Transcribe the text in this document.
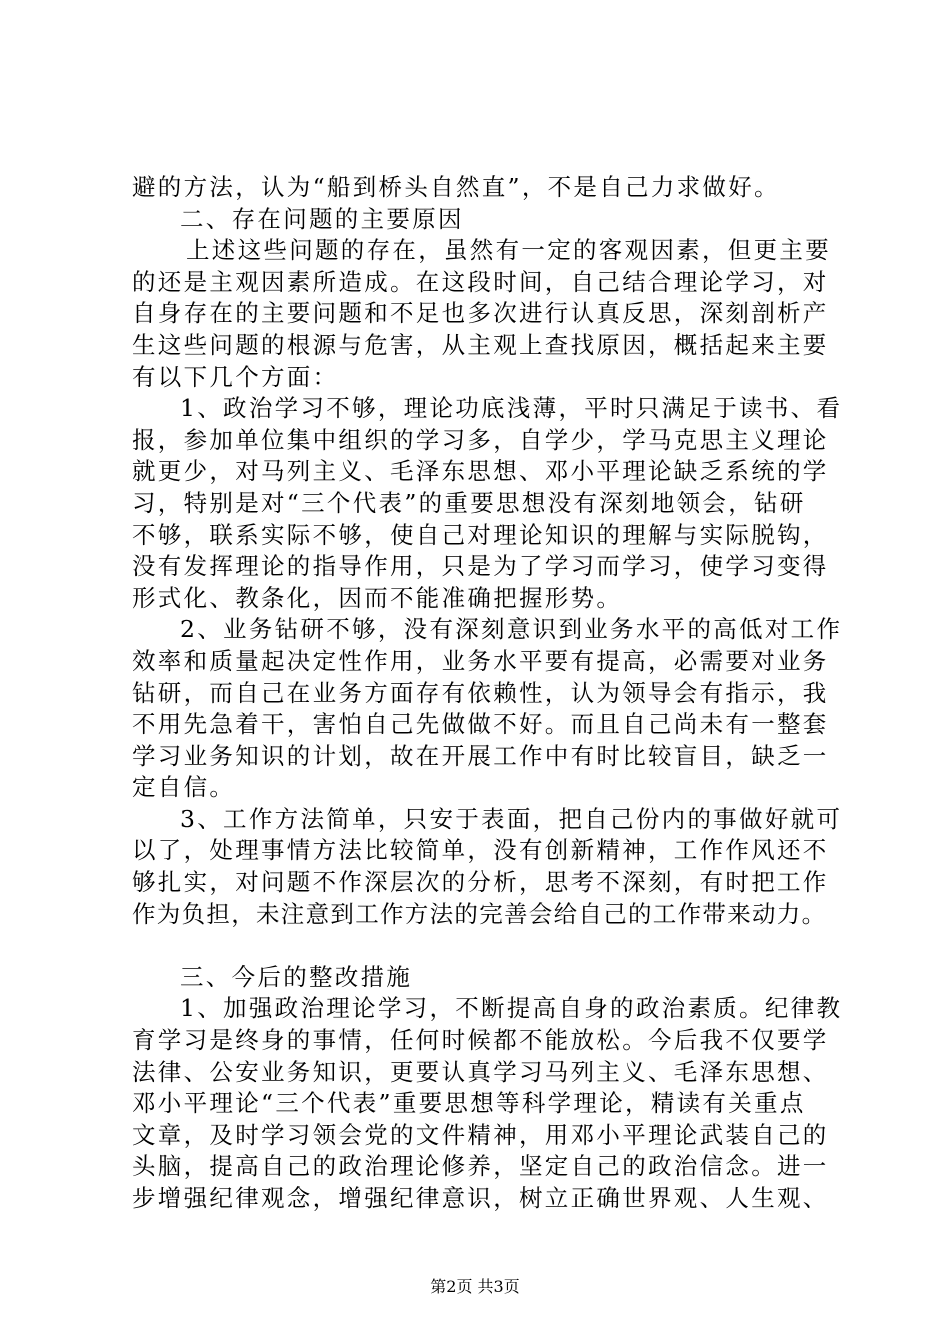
避的方法，认为“船到桥头自然直”，不是自己力求做好。
二、存在问题的主要原因
上述这些问题的存在，虽然有一定的客观因素，但更主要
的还是主观因素所造成。在这段时间，自己结合理论学习，对
自身存在的主要问题和不足也多次进行认真反思，深刻剖析产
生这些问题的根源与危害，从主观上查找原因，概括起来主要
有以下几个方面：
1、政治学习不够，理论功底浅薄，平时只满足于读书、看
报，参加单位集中组织的学习多，自学少，学马克思主义理论
就更少，对马列主义、毛泽东思想、邓小平理论缺乏系统的学
习，特别是对“三个代表”的重要思想没有深刻地领会，钻研
不够，联系实际不够，使自己对理论知识的理解与实际脱钩，
没有发挥理论的指导作用，只是为了学习而学习，使学习变得
形式化、教条化，因而不能准确把握形势。
2、业务钻研不够，没有深刻意识到业务水平的高低对工作
效率和质量起决定性作用，业务水平要有提高，必需要对业务
钻研，而自己在业务方面存有依赖性，认为领导会有指示，我
不用先急着干，害怕自己先做做不好。而且自己尚未有一整套
学习业务知识的计划，故在开展工作中有时比较盲目，缺乏一
定自信。
3、工作方法简单，只安于表面，把自己份内的事做好就可
以了，处理事情方法比较简单，没有创新精神，工作作风还不
够扎实，对问题不作深层次的分析，思考不深刻，有时把工作
作为负担，未注意到工作方法的完善会给自己的工作带来动力。
三、今后的整改措施
1、加强政治理论学习，不断提高自身的政治素质。纪律教
育学习是终身的事情，任何时候都不能放松。今后我不仅要学
法律、公安业务知识，更要认真学习马列主义、毛泽东思想、
邓小平理论“三个代表”重要思想等科学理论，精读有关重点
文章，及时学习领会党的文件精神，用邓小平理论武装自己的
头脑，提高自己的政治理论修养，坚定自己的政治信念。进一
步增强纪律观念，增强纪律意识，树立正确世界观、人生观、
第2页 共3页
